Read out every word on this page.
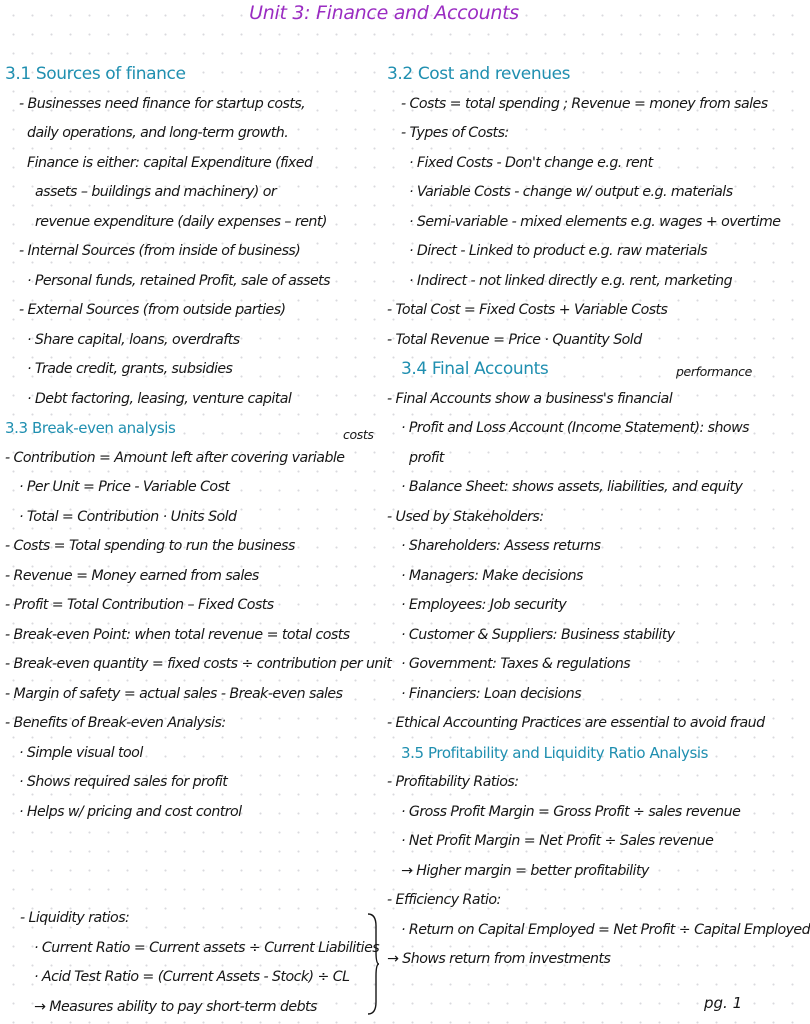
Unit 3: Finance and Accounts
3.1 Sources of finance
- Businesses need finance for startup costs,
daily operations, and long-term growth.
Finance is either: capital Expenditure (fixed
assets – buildings and machinery) or
revenue expenditure (daily expenses – rent)
- Internal Sources (from inside of business)
· Personal funds, retained Profit, sale of assets
- External Sources (from outside parties)
· Share capital, loans, overdrafts
· Trade credit, grants, subsidies
· Debt factoring, leasing, venture capital
3.3 Break-even analysis
- Contribution = Amount left after covering variable
· Per Unit = Price - Variable Cost
· Total = Contribution · Units Sold
- Costs = Total spending to run the business
- Revenue = Money earned from sales
- Profit = Total Contribution – Fixed Costs
- Break-even Point: when total revenue = total costs
- Break-even quantity = fixed costs ÷ contribution per unit
- Margin of safety = actual sales - Break-even sales
- Benefits of Break-even Analysis:
· Simple visual tool
· Shows required sales for profit
· Helps w/ pricing and cost control
3.2 Cost and revenues
- Costs = total spending ; Revenue = money from sales
- Types of Costs:
· Fixed Costs - Don't change e.g. rent
· Variable Costs - change w/ output e.g. materials
· Semi-variable - mixed elements e.g. wages + overtime
· Direct - Linked to product e.g. raw materials
· Indirect - not linked directly e.g. rent, marketing
- Total Cost = Fixed Costs + Variable Costs
- Total Revenue = Price · Quantity Sold
3.4 Final Accounts
- Final Accounts show a business's financial
· Profit and Loss Account (Income Statement): shows
profit
· Balance Sheet: shows assets, liabilities, and equity
- Used by Stakeholders:
· Shareholders: Assess returns
· Managers: Make decisions
· Employees: Job security
· Customer & Suppliers: Business stability
· Government: Taxes & regulations
· Financiers: Loan decisions
- Ethical Accounting Practices are essential to avoid fraud
3.5 Profitability and Liquidity Ratio Analysis
- Profitability Ratios:
· Gross Profit Margin = Gross Profit ÷ sales revenue
· Net Profit Margin = Net Profit ÷ Sales revenue
→ Higher margin = better profitability
- Efficiency Ratio:
· Return on Capital Employed = Net Profit ÷ Capital Employed
→ Shows return from investments
costs
performance
- Liquidity ratios:
· Current Ratio = Current assets ÷ Current Liabilities
· Acid Test Ratio = (Current Assets - Stock) ÷ CL
→ Measures ability to pay short-term debts	pg. 1
